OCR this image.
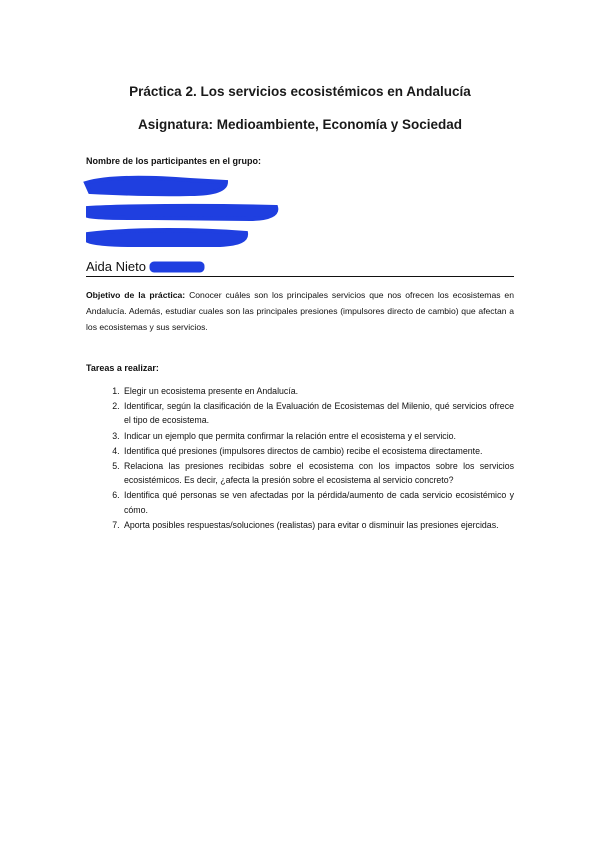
Práctica 2. Los servicios ecosistémicos en Andalucía
Asignatura: Medioambiente, Economía y Sociedad
Nombre de los participantes en el grupo:
Aida Nieto
Objetivo de la práctica: Conocer cuáles son los principales servicios que nos ofrecen los ecosistemas en Andalucía. Además, estudiar cuales son las principales presiones (impulsores directo de cambio) que afectan a los ecosistemas y sus servicios.
Tareas a realizar:
1. Elegir un ecosistema presente en Andalucía.
2. Identificar, según la clasificación de la Evaluación de Ecosistemas del Milenio, qué servicios ofrece el tipo de ecosistema.
3. Indicar un ejemplo que permita confirmar la relación entre el ecosistema y el servicio.
4. Identifica qué presiones (impulsores directos de cambio) recibe el ecosistema directamente.
5. Relaciona las presiones recibidas sobre el ecosistema con los impactos sobre los servicios ecosistémicos. Es decir, ¿afecta la presión sobre el ecosistema al servicio concreto?
6. Identifica qué personas se ven afectadas por la pérdida/aumento de cada servicio ecosistémico y cómo.
7. Aporta posibles respuestas/soluciones (realistas) para evitar o disminuir las presiones ejercidas.
